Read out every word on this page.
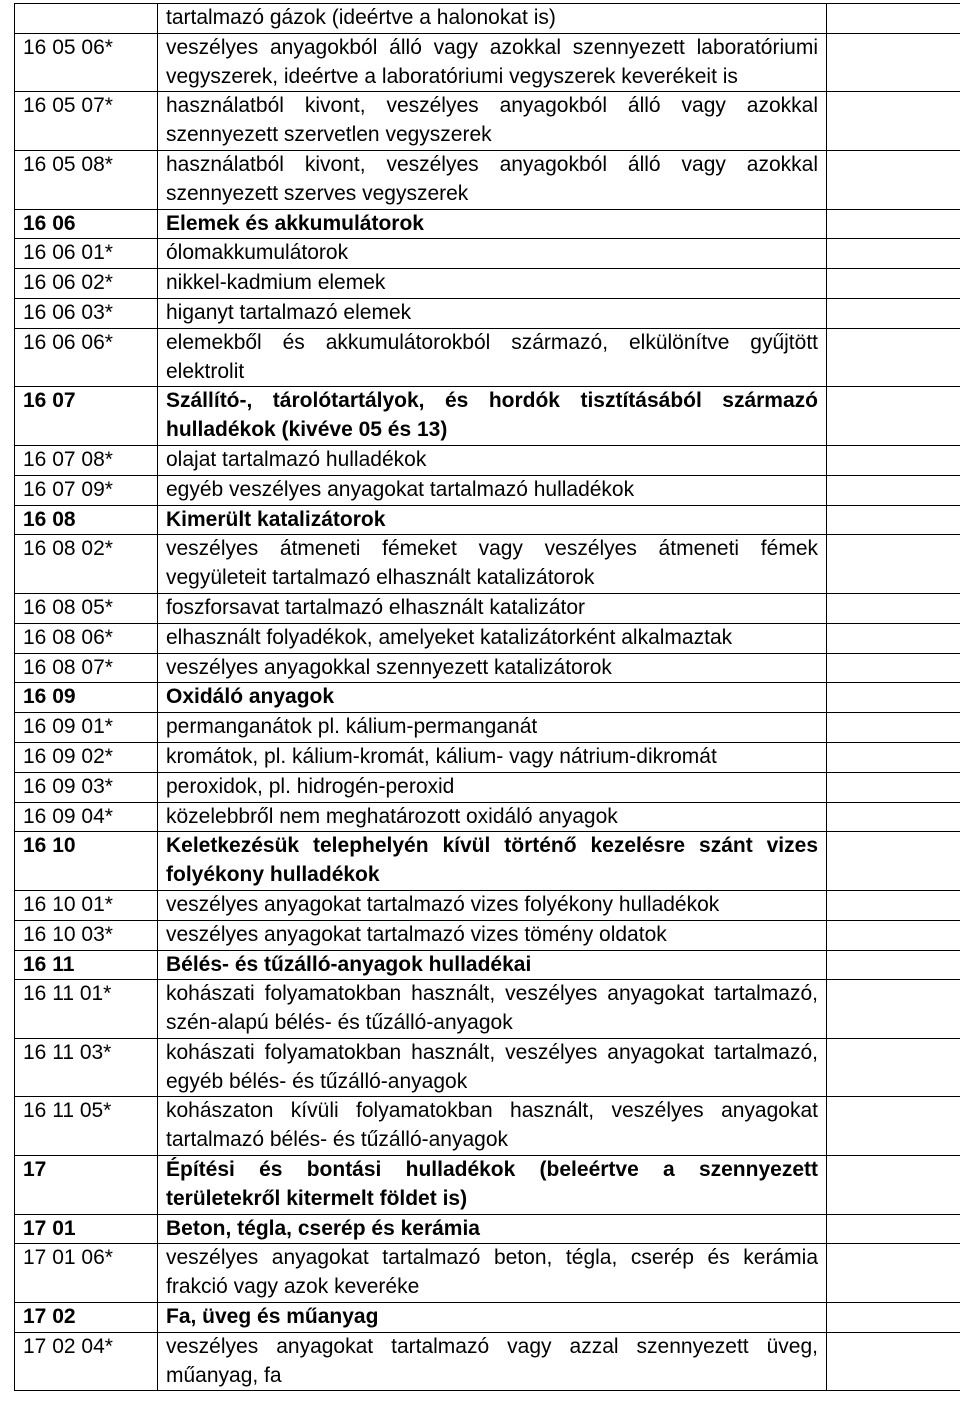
	tartalmazó gázok (ideértve a halonokat is)	
16 05 06*	veszélyes anyagokból álló vagy azokkal szennyezett laboratóriumi vegyszerek, ideértve a laboratóriumi vegyszerek keverékeit is	
16 05 07*	használatból kivont, veszélyes anyagokból álló vagy azokkal szennyezett szervetlen vegyszerek	
16 05 08*	használatból kivont, veszélyes anyagokból álló vagy azokkal szennyezett szerves vegyszerek	
16 06	Elemek és akkumulátorok	
16 06 01*	ólomakkumulátorok	
16 06 02*	nikkel-kadmium elemek	
16 06 03*	higanyt tartalmazó elemek	
16 06 06*	elemekből és akkumulátorokból származó, elkülönítve gyűjtött elektrolit	
16 07	Szállító-, tárolótartályok, és hordók tisztításából származó hulladékok (kivéve 05 és 13)	
16 07 08*	olajat tartalmazó hulladékok	
16 07 09*	egyéb veszélyes anyagokat tartalmazó hulladékok	
16 08	Kimerült katalizátorok	
16 08 02*	veszélyes átmeneti fémeket vagy veszélyes átmeneti fémek vegyületeit tartalmazó elhasznált katalizátorok	
16 08 05*	foszforsavat tartalmazó elhasznált katalizátor	
16 08 06*	elhasznált folyadékok, amelyeket katalizátorként alkalmaztak	
16 08 07*	veszélyes anyagokkal szennyezett katalizátorok	
16 09	Oxidáló anyagok	
16 09 01*	permanganátok pl. kálium-permanganát	
16 09 02*	kromátok, pl. kálium-kromát, kálium- vagy nátrium-dikromát	
16 09 03*	peroxidok, pl. hidrogén-peroxid	
16 09 04*	közelebbről nem meghatározott oxidáló anyagok	
16 10	Keletkezésük telephelyén kívül történő kezelésre szánt vizes folyékony hulladékok	
16 10 01*	veszélyes anyagokat tartalmazó vizes folyékony hulladékok	
16 10 03*	veszélyes anyagokat tartalmazó vizes tömény oldatok	
16 11	Bélés- és tűzálló-anyagok hulladékai	
16 11 01*	kohászati folyamatokban használt, veszélyes anyagokat tartalmazó, szén-alapú bélés- és tűzálló-anyagok	
16 11 03*	kohászati folyamatokban használt, veszélyes anyagokat tartalmazó, egyéb bélés- és tűzálló-anyagok	
16 11 05*	kohászaton kívüli folyamatokban használt, veszélyes anyagokat tartalmazó bélés- és tűzálló-anyagok	
17	Építési és bontási hulladékok (beleértve a szennyezett területekről kitermelt földet is)	
17 01	Beton, tégla, cserép és kerámia	
17 01 06*	veszélyes anyagokat tartalmazó beton, tégla, cserép és kerámia frakció vagy azok keveréke	
17 02	Fa, üveg és műanyag	
17 02 04*	veszélyes anyagokat tartalmazó vagy azzal szennyezett üveg, műanyag, fa	
